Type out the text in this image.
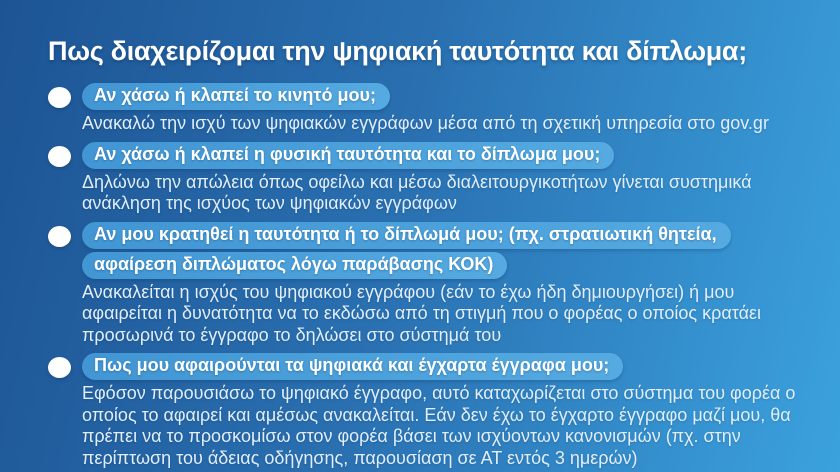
Πως διαχειρίζομαι την ψηφιακή ταυτότητα και δίπλωμα;
Αν χάσω ή κλαπεί το κινητό μου;

Ανακαλώ την ισχύ των ψηφιακών εγγράφων μέσα από τη σχετική υπηρεσία στο gov.gr

Αν χάσω ή κλαπεί η φυσική ταυτότητα και το δίπλωμα μου;

Δηλώνω την απώλεια όπως οφείλω και μέσω διαλειτουργικοτήτων γίνεται συστημικά ανάκληση της ισχύος των ψηφιακών εγγράφων

Αν μου κρατηθεί η ταυτότητα ή το δίπλωμά μου; (πχ. στρατιωτική θητεία,
αφαίρεση διπλώματος λόγω παράβασης ΚΟΚ)

Ανακαλείται η ισχύς του ψηφιακού εγγράφου (εάν το έχω ήδη δημιουργήσει) ή μου αφαιρείται η δυνατότητα να το εκδώσω από τη στιγμή που ο φορέας ο οποίος κρατάει προσωρινά το έγγραφο το δηλώσει στο σύστημά του

Πως μου αφαιρούνται τα ψηφιακά και έγχαρτα έγγραφα μου;

Εφόσον παρουσιάσω το ψηφιακό έγγραφο, αυτό καταχωρίζεται στο σύστημα του φορέα ο οποίος το αφαιρεί και αμέσως ανακαλείται. Εάν δεν έχω το έγχαρτο έγγραφο μαζί μου, θα πρέπει να το προσκομίσω στον φορέα βάσει των ισχύοντων κανονισμών (πχ. στην περίπτωση του άδειας οδήγησης, παρουσίαση σε ΑΤ εντός 3 ημερών)
